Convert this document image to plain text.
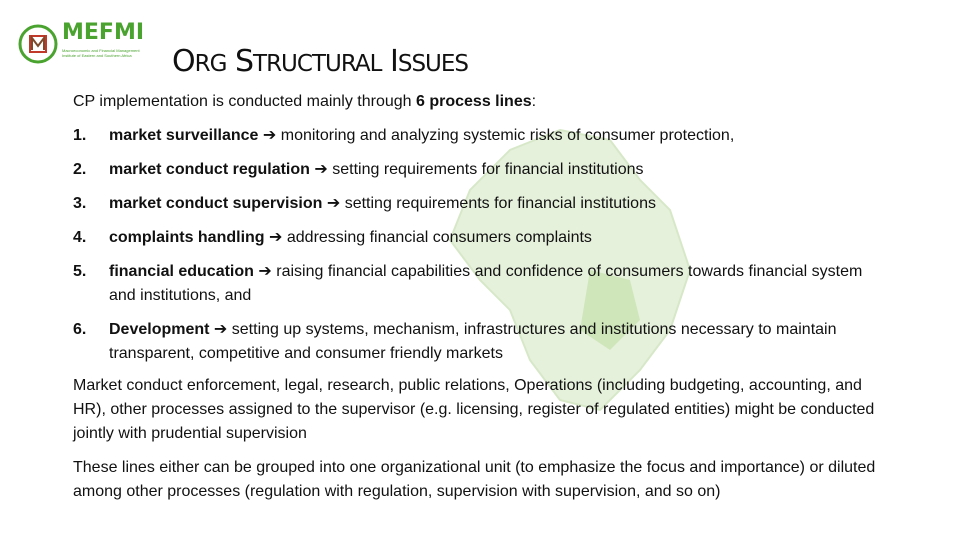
MEFMI
Macroeconomic and Financial Management Institute of Eastern and Southern Africa	ORG STRUCTURAL ISSUES
CP implementation is conducted mainly through 6 process lines:
1. market surveillance ➔ monitoring and analyzing systemic risks of consumer protection,
2. market conduct regulation ➔ setting requirements for financial institutions
3. market conduct supervision ➔ setting requirements for financial institutions
4. complaints handling ➔ addressing financial consumers complaints
5. financial education ➔ raising financial capabilities and confidence of consumers towards financial system and institutions, and
6. Development ➔ setting up systems, mechanism, infrastructures and institutions necessary to maintain transparent, competitive and consumer friendly markets
Market conduct enforcement, legal, research, public relations, Operations (including budgeting, accounting, and HR), other processes assigned to the supervisor (e.g. licensing, register of regulated entities) might be conducted jointly with prudential supervision
These lines either can be grouped into one organizational unit (to emphasize the focus and importance) or diluted among other processes (regulation with regulation, supervision with supervision, and so on)
